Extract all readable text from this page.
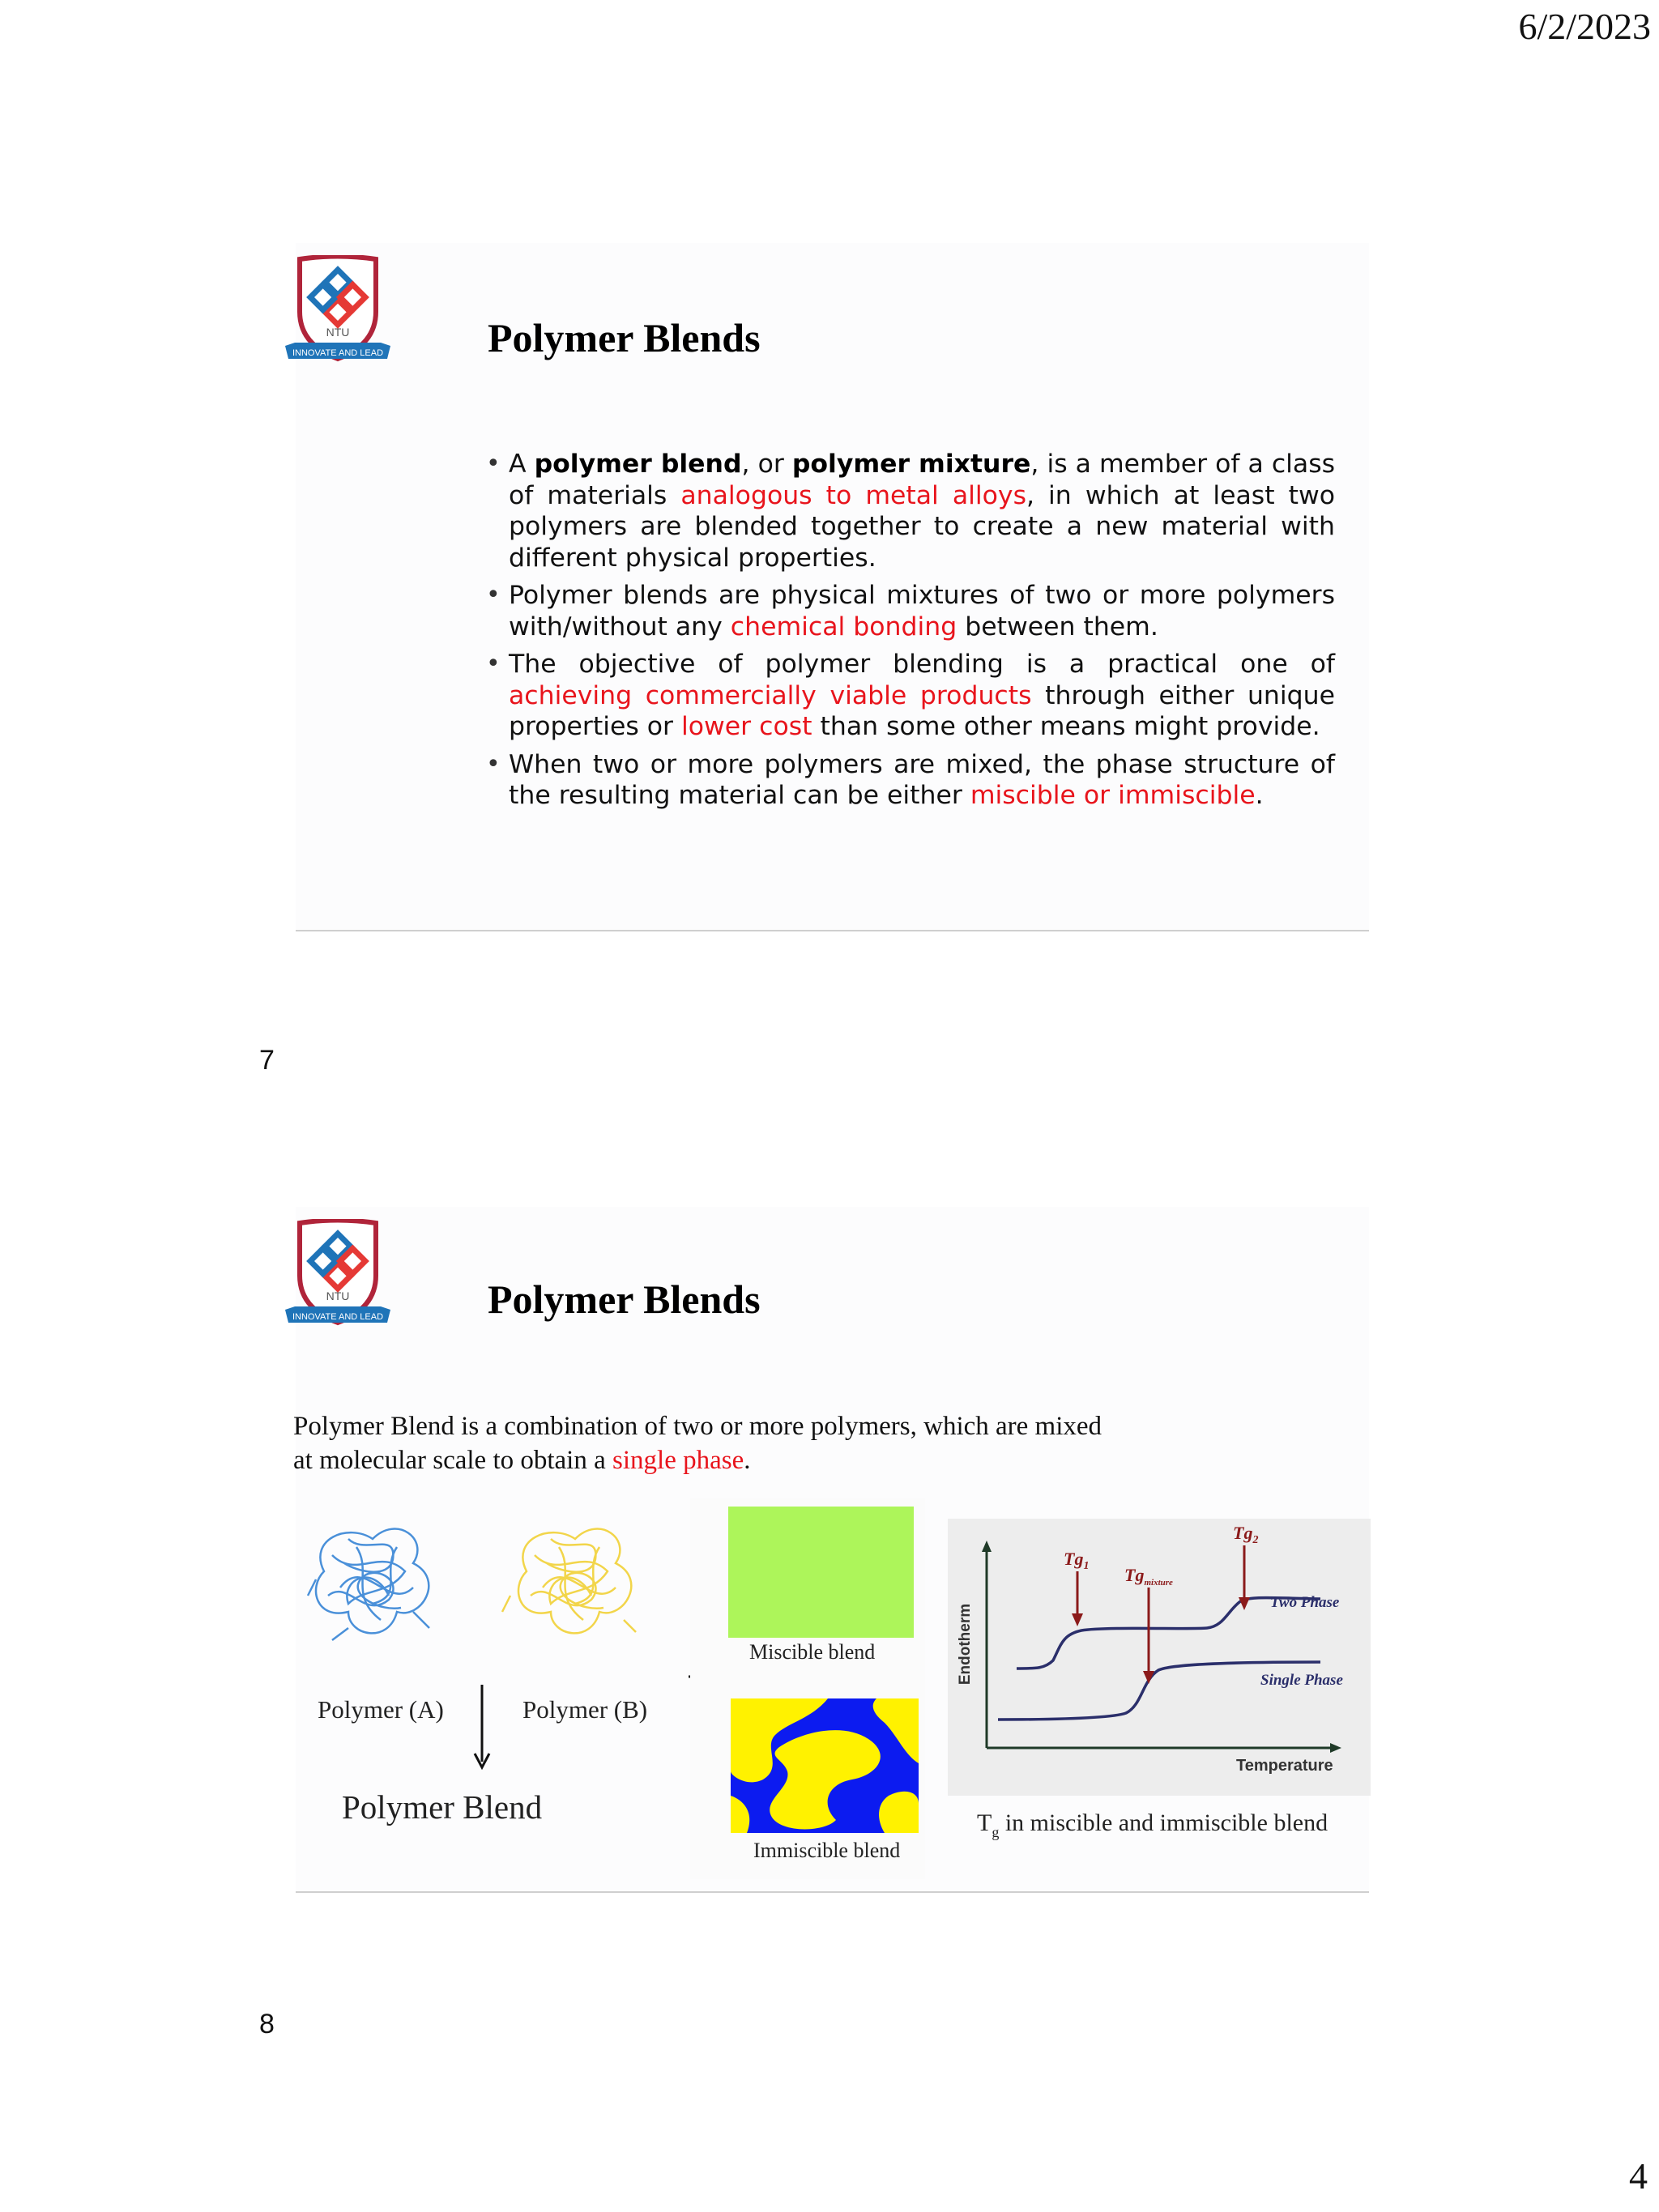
6/2/2023
NTU
INNOVATE AND LEAD	Polymer Blends
• A polymer blend, or polymer mixture, is a member of a class of materials analogous to metal alloys, in which at least two polymers are blended together to create a new material with different physical properties.
• Polymer blends are physical mixtures of two or more polymers with/without any chemical bonding between them.
• The objective of polymer blending is a practical one of achieving commercially viable products through either unique properties or lower cost than some other means might provide.
• When two or more polymers are mixed, the phase structure of the resulting material can be either miscible or immiscible.
7
NTU
INNOVATE AND LEAD	Polymer Blends
Polymer Blend is a combination of two or more polymers, which are mixed
at molecular scale to obtain a single phase.
Polymer (A)	Polymer (B)
Polymer Blend
Miscible blend
Immiscible blend
Endotherm
Temperature
$Tg_1$ $Tg_{mixture}$
$Tg_2$
Two Phase
Single Phase
$T_g$ in miscible and immiscible blend
8
4
